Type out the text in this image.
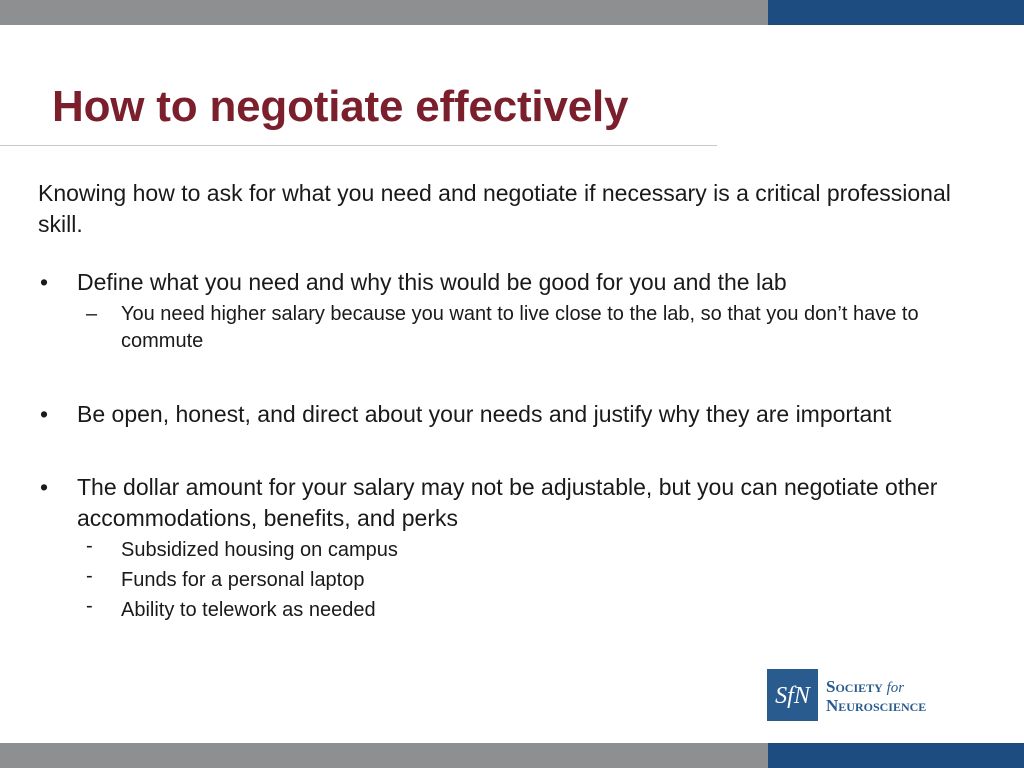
How to negotiate effectively

Knowing how to ask for what you need and negotiate if necessary is a critical professional skill.

• Define what you need and why this would be good for you and the lab
– You need higher salary because you want to live close to the lab, so that you don’t have to commute
• Be open, honest, and direct about your needs and justify why they are important
• The dollar amount for your salary may not be adjustable, but you can negotiate other accommodations, benefits, and perks
- Subsidized housing on campus
- Funds for a personal laptop
- Ability to telework as needed
SfN Society for
Neuroscience
